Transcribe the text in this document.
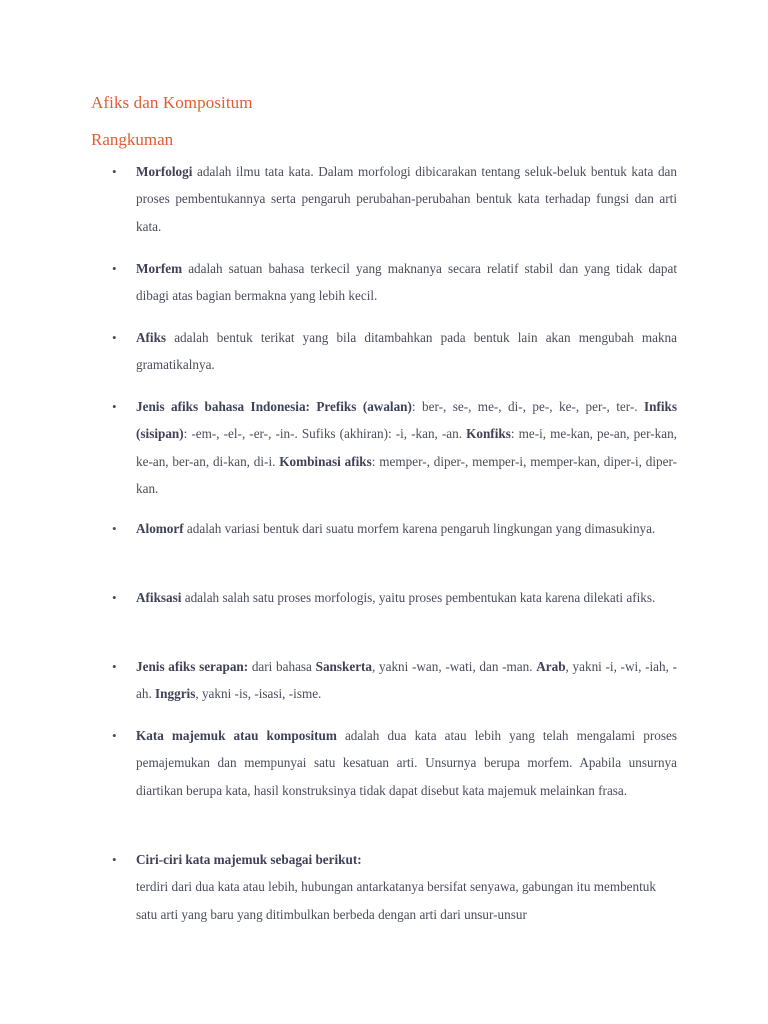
Afiks dan Kompositum
Rangkuman
• Morfologi adalah ilmu tata kata. Dalam morfologi dibicarakan tentang seluk-beluk bentuk kata dan proses pembentukannya serta pengaruh perubahan-perubahan bentuk kata terhadap fungsi dan arti kata.
• Morfem adalah satuan bahasa terkecil yang maknanya secara relatif stabil dan yang tidak dapat dibagi atas bagian bermakna yang lebih kecil.
• Afiks adalah bentuk terikat yang bila ditambahkan pada bentuk lain akan mengubah makna gramatikalnya.
• Jenis afiks bahasa Indonesia: Prefiks (awalan): ber-, se-, me-, di-, pe-, ke-, per-, ter-. Infiks (sisipan): -em-, -el-, -er-, -in-. Sufiks (akhiran): -i, -kan, -an. Konfiks: me-i, me-kan, pe-an, per-kan, ke-an, ber-an, di-kan, di-i. Kombinasi afiks: memper-, diper-, memper-i, memper-kan, diper-i, diper-kan.
• Alomorf adalah variasi bentuk dari suatu morfem karena pengaruh lingkungan yang dimasukinya.
• Afiksasi adalah salah satu proses morfologis, yaitu proses pembentukan kata karena dilekati afiks.
• Jenis afiks serapan: dari bahasa Sanskerta, yakni -wan, -wati, dan -man. Arab, yakni -i, -wi, -iah, -ah. Inggris, yakni -is, -isasi, -isme.
• Kata majemuk atau kompositum adalah dua kata atau lebih yang telah mengalami proses pemajemukan dan mempunyai satu kesatuan arti. Unsurnya berupa morfem. Apabila unsurnya diartikan berupa kata, hasil konstruksinya tidak dapat disebut kata majemuk melainkan frasa.
• Ciri-ciri kata majemuk sebagai berikut:
terdiri dari dua kata atau lebih, hubungan antarkatanya bersifat senyawa, gabungan itu membentuk satu arti yang baru yang ditimbulkan berbeda dengan arti dari unsur-unsur
